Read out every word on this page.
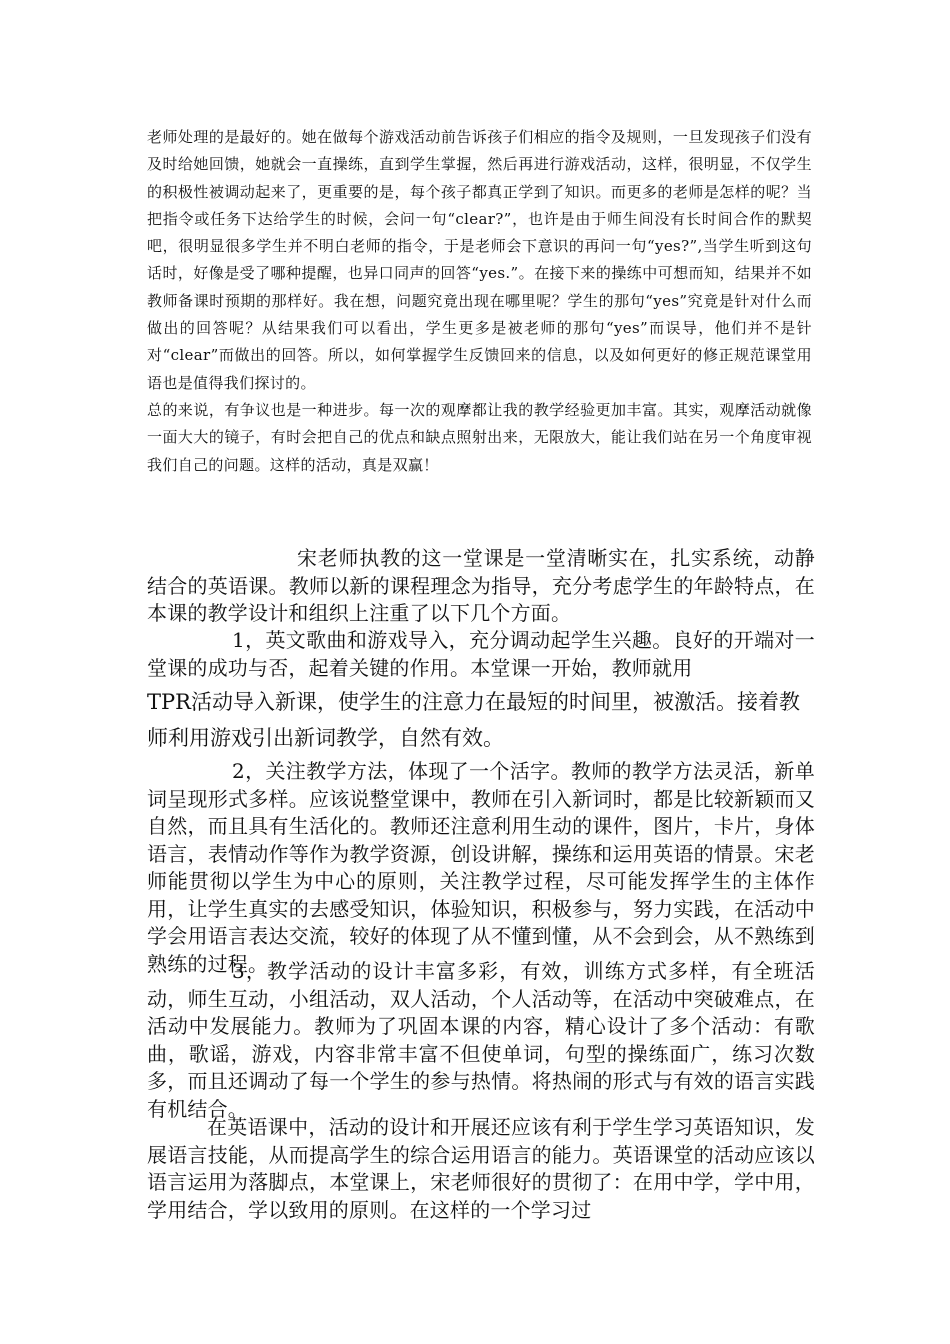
老师处理的是最好的。她在做每个游戏活动前告诉孩子们相应的指令及规则，一旦发现孩子们没有及时给她回馈，她就会一直操练，直到学生掌握，然后再进行游戏活动，这样，很明显，不仅学生的积极性被调动起来了，更重要的是，每个孩子都真正学到了知识。而更多的老师是怎样的呢？当把指令或任务下达给学生的时候，会问一句“clear?”，也许是由于师生间没有长时间合作的默契吧，很明显很多学生并不明白老师的指令，于是老师会下意识的再问一句“yes?”,当学生听到这句话时，好像是受了哪种提醒，也异口同声的回答“yes.”。在接下来的操练中可想而知，结果并不如教师备课时预期的那样好。我在想，问题究竟出现在哪里呢？学生的那句“yes”究竟是针对什么而做出的回答呢？从结果我们可以看出，学生更多是被老师的那句“yes”而误导，他们并不是针对“clear”而做出的回答。所以，如何掌握学生反馈回来的信息，以及如何更好的修正规范课堂用语也是值得我们探讨的。

总的来说，有争议也是一种进步。每一次的观摩都让我的教学经验更加丰富。其实，观摩活动就像一面大大的镜子，有时会把自己的优点和缺点照射出来，无限放大，能让我们站在另一个角度审视我们自己的问题。这样的活动，真是双赢！

宋老师执教的这一堂课是一堂清晰实在，扎实系统，动静结合的英语课。教师以新的课程理念为指导，充分考虑学生的年龄特点，在本课的教学设计和组织上注重了以下几个方面。

1，英文歌曲和游戏导入，充分调动起学生兴趣。良好的开端对一堂课的成功与否，起着关键的作用。本堂课一开始，教师就用

TPR活动导入新课，使学生的注意力在最短的时间里，被激活。接着教师利用游戏引出新词教学，自然有效。

2，关注教学方法，体现了一个活字。教师的教学方法灵活，新单词呈现形式多样。应该说整堂课中，教师在引入新词时，都是比较新颖而又自然，而且具有生活化的。教师还注意利用生动的课件，图片，卡片，身体语言，表情动作等作为教学资源，创设讲解，操练和运用英语的情景。宋老师能贯彻以学生为中心的原则，关注教学过程，尽可能发挥学生的主体作用，让学生真实的去感受知识，体验知识，积极参与，努力实践，在活动中学会用语言表达交流，较好的体现了从不懂到懂，从不会到会，从不熟练到熟练的过程。

3，教学活动的设计丰富多彩，有效，训练方式多样，有全班活动，师生互动，小组活动，双人活动，个人活动等，在活动中突破难点，在活动中发展能力。教师为了巩固本课的内容，精心设计了多个活动：有歌曲，歌谣，游戏，内容非常丰富不但使单词，句型的操练面广，练习次数多，而且还调动了每一个学生的参与热情。将热闹的形式与有效的语言实践有机结合。

在英语课中，活动的设计和开展还应该有利于学生学习英语知识，发展语言技能，从而提高学生的综合运用语言的能力。英语课堂的活动应该以语言运用为落脚点，本堂课上，宋老师很好的贯彻了：在用中学，学中用，学用结合，学以致用的原则。在这样的一个学习过
